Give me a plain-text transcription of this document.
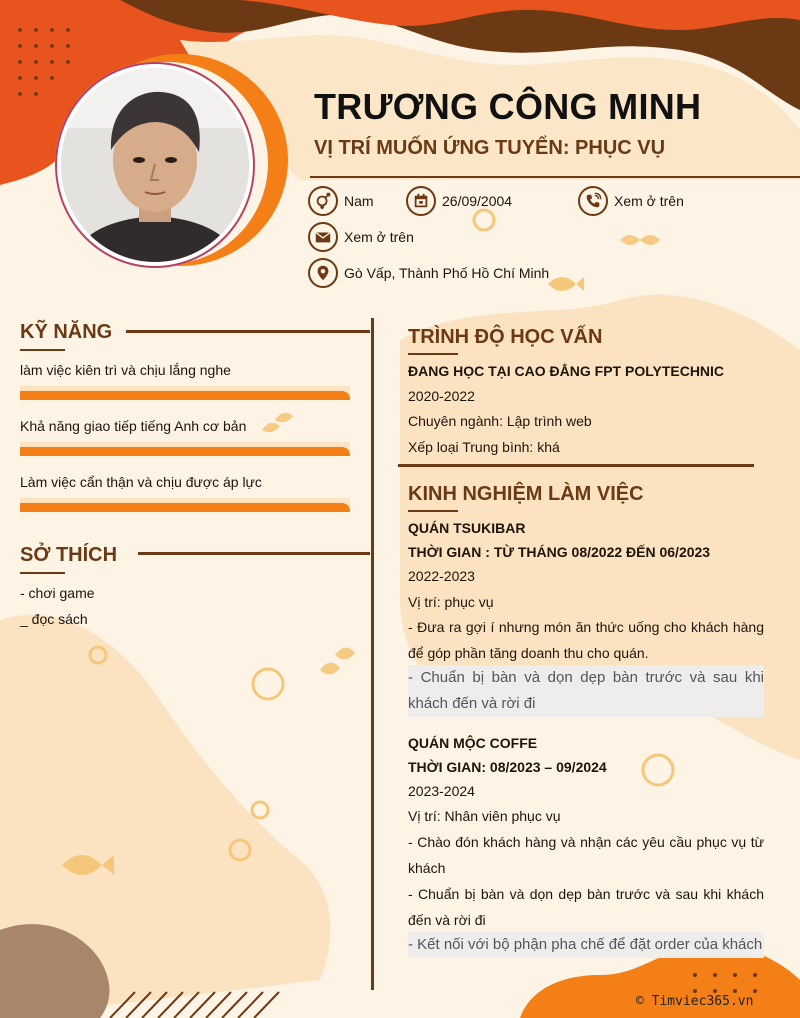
TRƯƠNG CÔNG MINH
VỊ TRÍ MUỐN ỨNG TUYỂN: PHỤC VỤ
Nam	26/09/2004	Xem ở trên
Xem ở trên
Gò Vấp, Thành Phố Hồ Chí Minh
KỸ NĂNG
làm việc kiên trì và chịu lắng nghe
Khả năng giao tiếp tiếng Anh cơ bản
Làm việc cẩn thận và chịu được áp lực
SỞ THÍCH
- chơi game
_ đọc sách
TRÌNH ĐỘ HỌC VẤN
ĐANG HỌC TẠI CAO ĐẲNG FPT POLYTECHNIC
2020-2022
Chuyên ngành: Lập trình web
Xếp loại Trung bình: khá
KINH NGHIỆM LÀM VIỆC
QUÁN TSUKIBAR
THỜI GIAN : TỪ THÁNG 08/2022 ĐẾN 06/2023
2022-2023
Vị trí: phục vụ
- Đưa ra gợi í nhưng món ăn thức uống cho khách hàng để góp phần tăng doanh thu cho quán.
- Chuẩn bị bàn và dọn dẹp bàn trước và sau khi khách đến và rời đi
QUÁN MỘC COFFE
THỜI GIAN: 08/2023 – 09/2024
2023-2024
Vị trí: Nhân viên phục vụ
- Chào đón khách hàng và nhận các yêu cầu phục vụ từ khách
- Chuẩn bị bàn và dọn dẹp bàn trước và sau khi khách đến và rời đi
- Kết nối với bộ phận pha chế để đặt order của khách
© Timviec365.vn
